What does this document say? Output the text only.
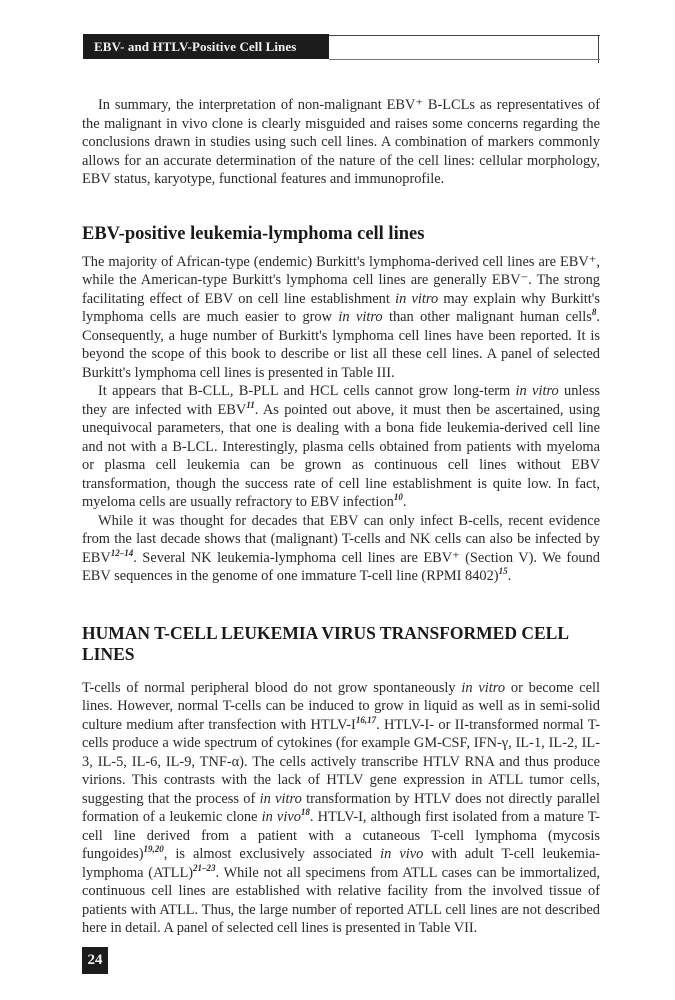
EBV- and HTLV-Positive Cell Lines

In summary, the interpretation of non-malignant EBV⁺ B-LCLs as representatives of the malignant in vivo clone is clearly misguided and raises some concerns regarding the conclusions drawn in studies using such cell lines. A combination of markers commonly allows for an accurate determination of the nature of the cell lines: cellular morphology, EBV status, karyotype, functional features and immunoprofile.

EBV-positive leukemia-lymphoma cell lines

The majority of African-type (endemic) Burkitt's lymphoma-derived cell lines are EBV⁺, while the American-type Burkitt's lymphoma cell lines are generally EBV⁻. The strong facilitating effect of EBV on cell line establishment in vitro may explain why Burkitt's lymphoma cells are much easier to grow in vitro than other malignant human cells$^8$. Consequently, a huge number of Burkitt's lymphoma cell lines have been reported. It is beyond the scope of this book to describe or list all these cell lines. A panel of selected Burkitt's lymphoma cell lines is presented in Table III.

It appears that B-CLL, B-PLL and HCL cells cannot grow long-term in vitro unless they are infected with EBV$^{11}$. As pointed out above, it must then be ascertained, using unequivocal parameters, that one is dealing with a bona fide leukemia-derived cell line and not with a B-LCL. Interestingly, plasma cells obtained from patients with myeloma or plasma cell leukemia can be grown as continuous cell lines without EBV transformation, though the success rate of cell line establishment is quite low. In fact, myeloma cells are usually refractory to EBV infection$^{10}$.

While it was thought for decades that EBV can only infect B-cells, recent evidence from the last decade shows that (malignant) T-cells and NK cells can also be infected by EBV$^{12-14}$. Several NK leukemia-lymphoma cell lines are EBV⁺ (Section V). We found EBV sequences in the genome of one immature T-cell line (RPMI 8402)$^{15}$.

HUMAN T-CELL LEUKEMIA VIRUS TRANSFORMED CELL LINES

T-cells of normal peripheral blood do not grow spontaneously in vitro or become cell lines. However, normal T-cells can be induced to grow in liquid as well as in semi-solid culture medium after transfection with HTLV-I$^{16,17}$. HTLV-I- or II-transformed normal T-cells produce a wide spectrum of cytokines (for example GM-CSF, IFN-γ, IL-1, IL-2, IL-3, IL-5, IL-6, IL-9, TNF-α). The cells actively transcribe HTLV RNA and thus produce virions. This contrasts with the lack of HTLV gene expression in ATLL tumor cells, suggesting that the process of in vitro transformation by HTLV does not directly parallel formation of a leukemic clone in vivo$^{18}$. HTLV-I, although first isolated from a mature T-cell line derived from a patient with a cutaneous T-cell lymphoma (mycosis fungoides)$^{19,20}$, is almost exclusively associated in vivo with adult T-cell leukemia-lymphoma (ATLL)$^{21-23}$. While not all specimens from ATLL cases can be immortalized, continuous cell lines are established with relative facility from the involved tissue of patients with ATLL. Thus, the large number of reported ATLL cell lines are not described here in detail. A panel of selected cell lines is presented in Table VII.

24
